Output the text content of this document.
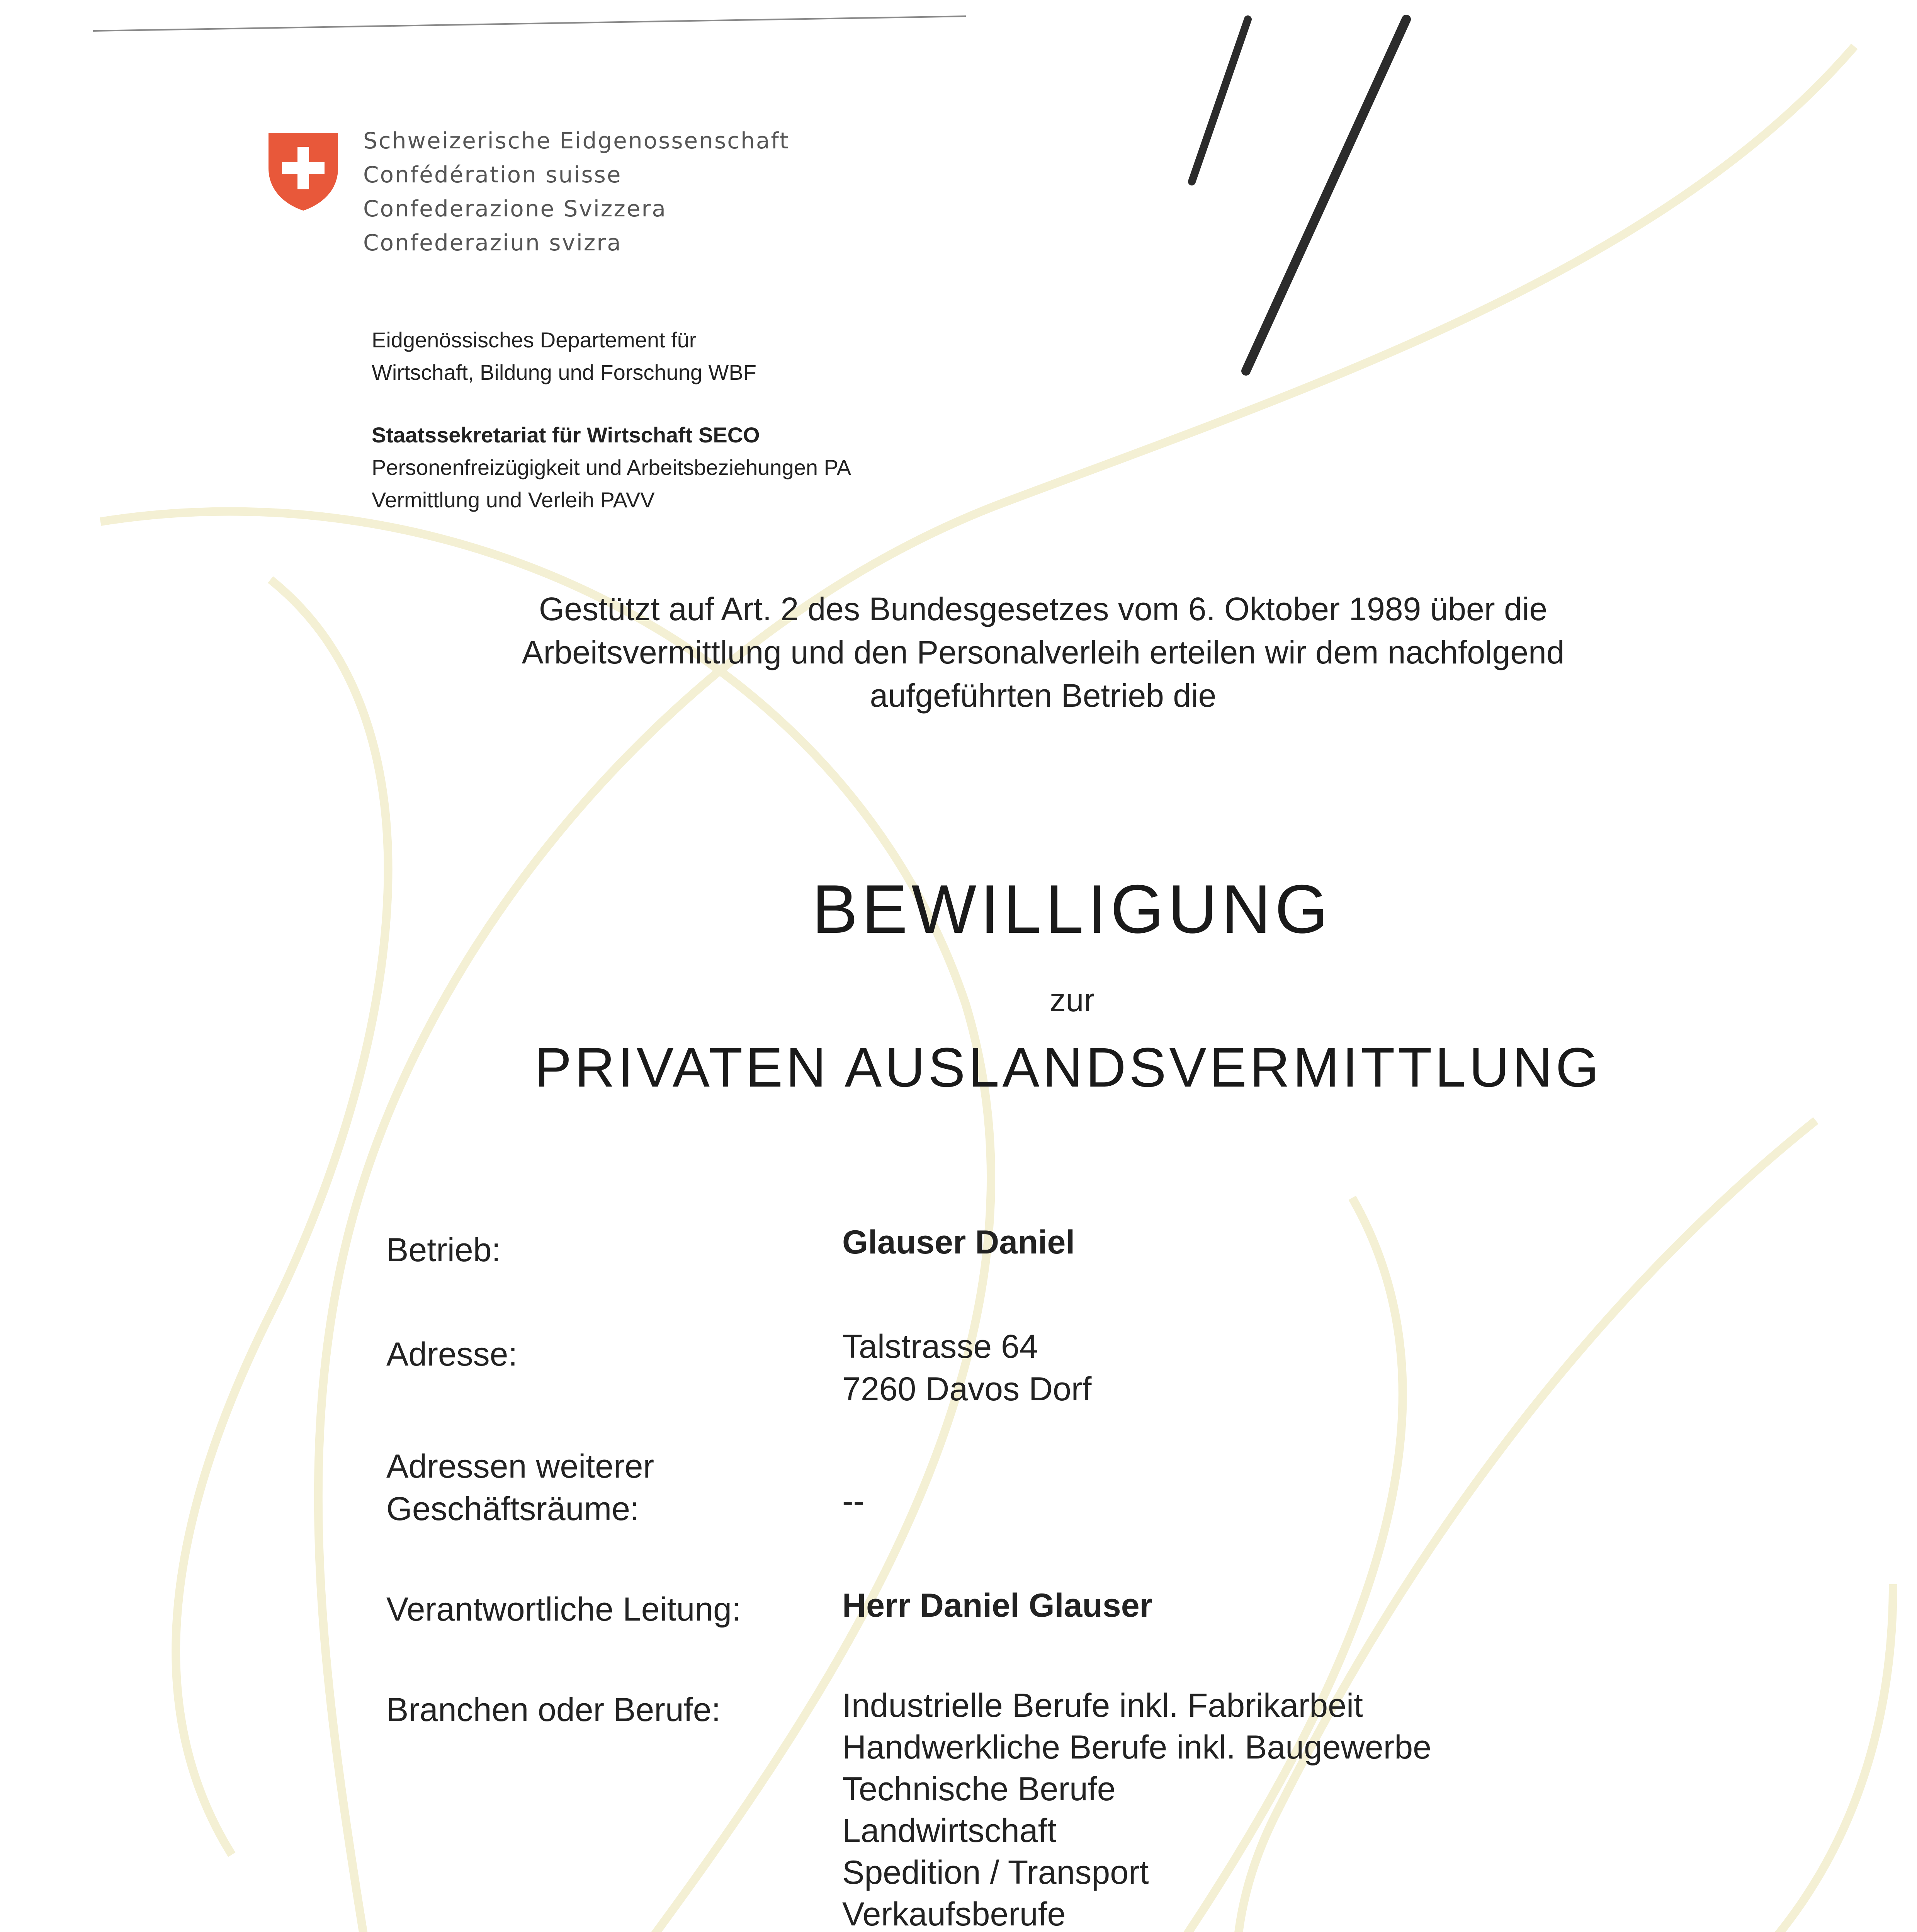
Schweizerische Eidgenossenschaft
Confédération suisse
Confederazione Svizzera
Confederaziun svizra
Eidgenössisches Departement für
Wirtschaft, Bildung und Forschung WBF
Staatssekretariat für Wirtschaft SECO
Personenfreizügigkeit und Arbeitsbeziehungen PA
Vermittlung und Verleih PAVV
Gestützt auf Art. 2 des Bundesgesetzes vom 6. Oktober 1989 über die
Arbeitsvermittlung und den Personalverleih erteilen wir dem nachfolgend
aufgeführten Betrieb die
BEWILLIGUNG
zur
PRIVATEN AUSLANDSVERMITTLUNG
Betrieb:	Glauser Daniel
Adresse:	Talstrasse 64
7260 Davos Dorf
Adressen weiterer
Geschäftsräume:	--
Verantwortliche Leitung:	Herr Daniel Glauser
Branchen oder Berufe:	Industrielle Berufe inkl. Fabrikarbeit
Handwerkliche Berufe inkl. Baugewerbe
Technische Berufe
Landwirtschaft
Spedition / Transport
Verkaufsberufe
